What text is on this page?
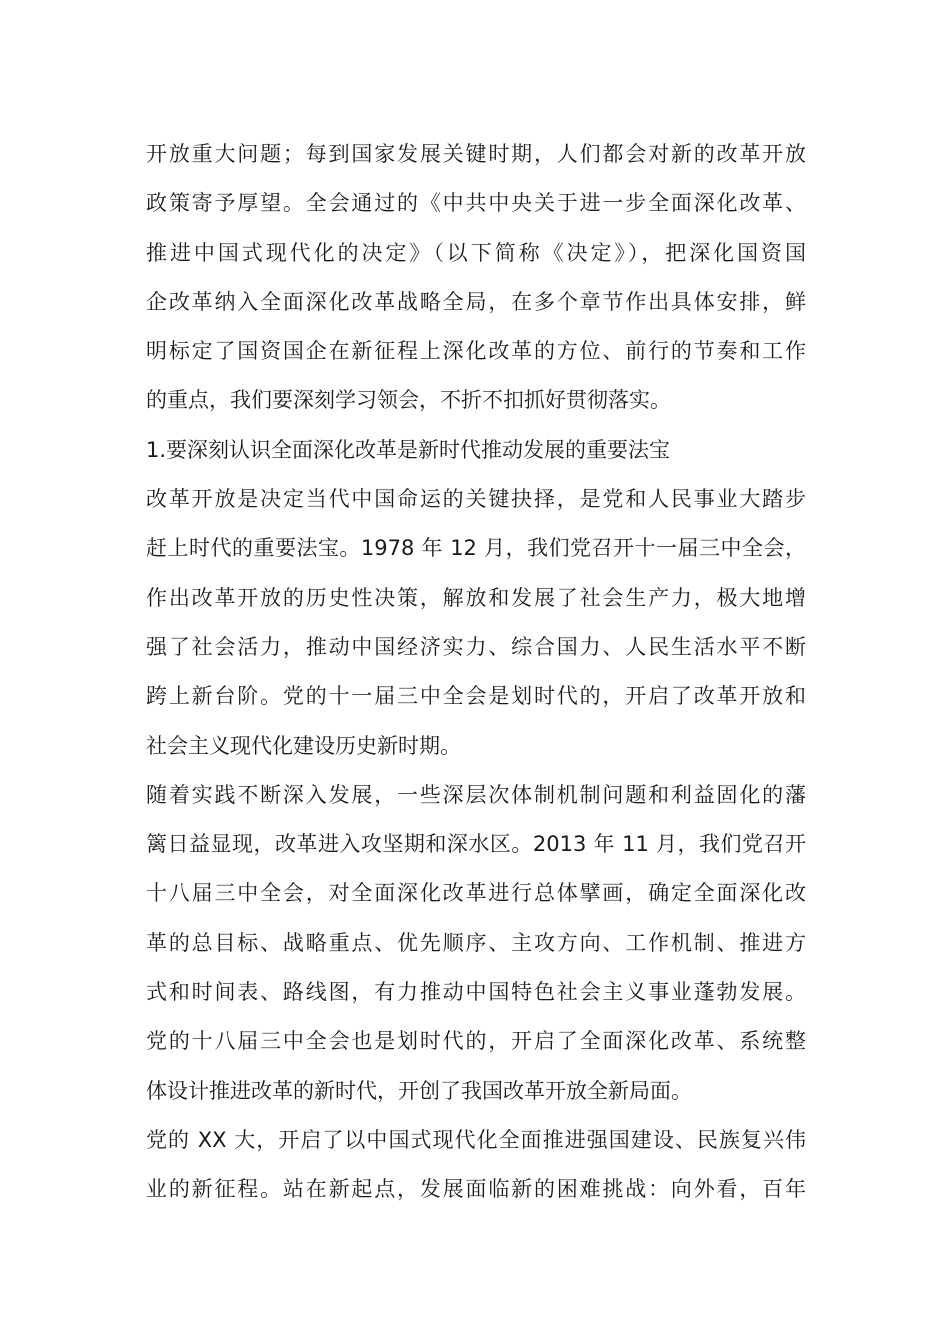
开放重大问题；每到国家发展关键时期，人们都会对新的改革开放
政策寄予厚望。全会通过的《中共中央关于进一步全面深化改革、
推进中国式现代化的决定》（以下简称《决定》），把深化国资国
企改革纳入全面深化改革战略全局，在多个章节作出具体安排，鲜
明标定了国资国企在新征程上深化改革的方位、前行的节奏和工作
的重点，我们要深刻学习领会，不折不扣抓好贯彻落实。
1.要深刻认识全面深化改革是新时代推动发展的重要法宝
改革开放是决定当代中国命运的关键抉择，是党和人民事业大踏步
赶上时代的重要法宝。1978 年 12 月，我们党召开十一届三中全会，
作出改革开放的历史性决策，解放和发展了社会生产力，极大地增
强了社会活力，推动中国经济实力、综合国力、人民生活水平不断
跨上新台阶。党的十一届三中全会是划时代的，开启了改革开放和
社会主义现代化建设历史新时期。
随着实践不断深入发展，一些深层次体制机制问题和利益固化的藩
篱日益显现，改革进入攻坚期和深水区。2013 年 11 月，我们党召开
十八届三中全会，对全面深化改革进行总体擘画，确定全面深化改
革的总目标、战略重点、优先顺序、主攻方向、工作机制、推进方
式和时间表、路线图，有力推动中国特色社会主义事业蓬勃发展。
党的十八届三中全会也是划时代的，开启了全面深化改革、系统整
体设计推进改革的新时代，开创了我国改革开放全新局面。
党的 XX 大，开启了以中国式现代化全面推进强国建设、民族复兴伟
业的新征程。站在新起点，发展面临新的困难挑战：向外看，百年
